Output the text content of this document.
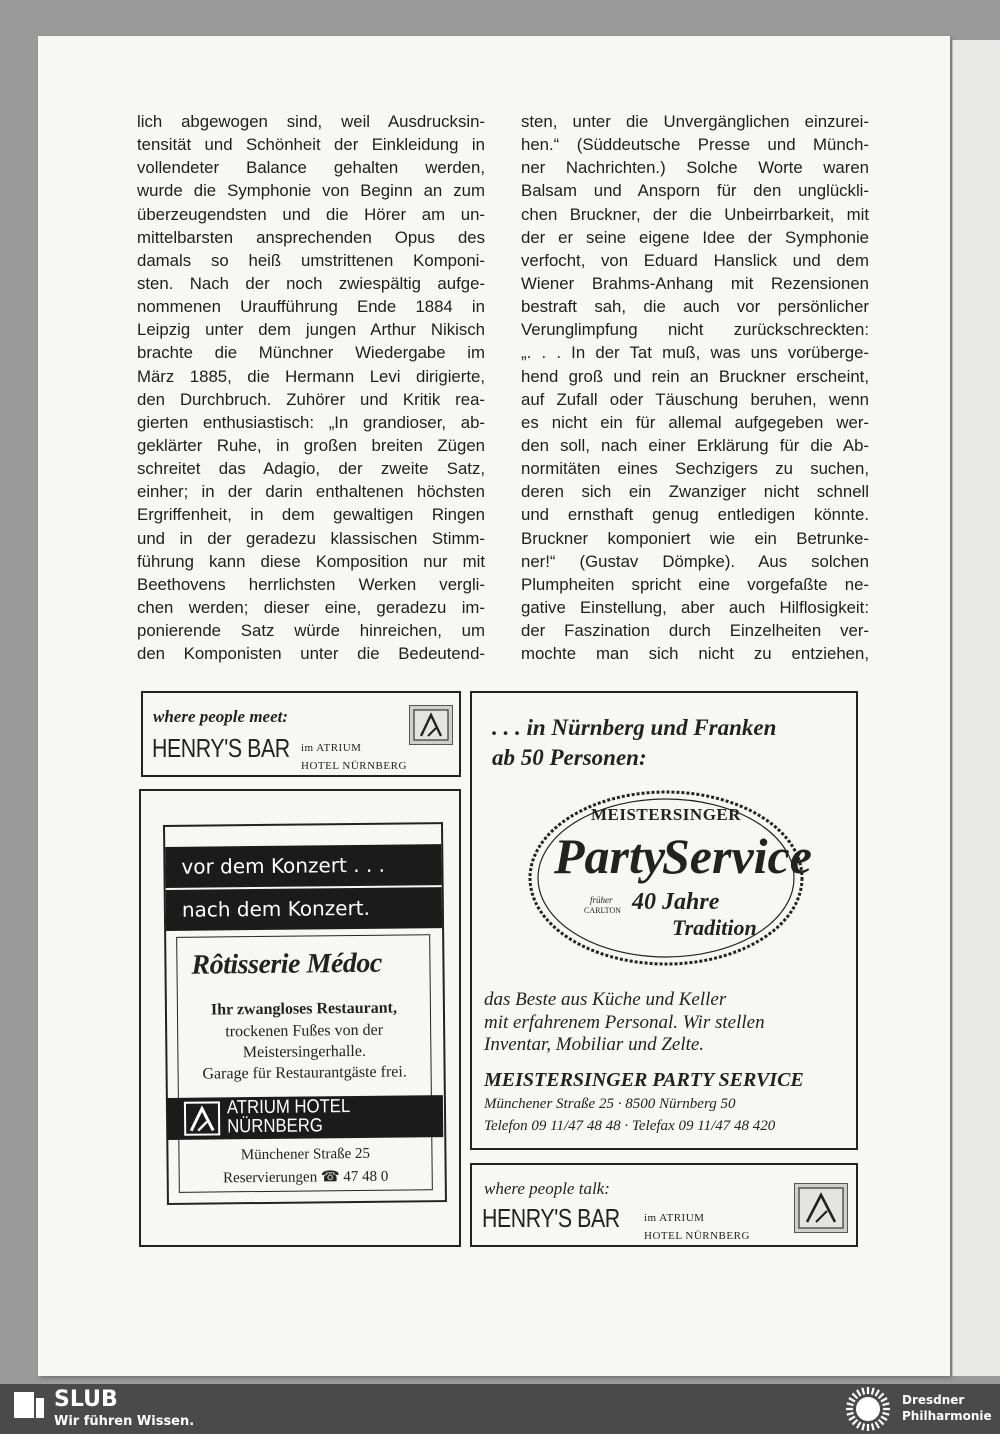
lich abgewogen sind, weil Ausdrucksin-
tensität und Schönheit der Einkleidung in
vollendeter Balance gehalten werden,
wurde die Symphonie von Beginn an zum
überzeugendsten und die Hörer am un-
mittelbarsten ansprechenden Opus des
damals so heiß umstrittenen Komponi-
sten. Nach der noch zwiespältig aufge-
nommenen Uraufführung Ende 1884 in
Leipzig unter dem jungen Arthur Nikisch
brachte die Münchner Wiedergabe im
März 1885, die Hermann Levi dirigierte,
den Durchbruch. Zuhörer und Kritik rea-
gierten enthusiastisch: „In grandioser, ab-
geklärter Ruhe, in großen breiten Zügen
schreitet das Adagio, der zweite Satz,
einher; in der darin enthaltenen höchsten
Ergriffenheit, in dem gewaltigen Ringen
und in der geradezu klassischen Stimm-
führung kann diese Komposition nur mit
Beethovens herrlichsten Werken vergli-
chen werden; dieser eine, geradezu im-
ponierende Satz würde hinreichen, um
den Komponisten unter die Bedeutend-
sten, unter die Unvergänglichen einzurei-
hen.“ (Süddeutsche Presse und Münch-
ner Nachrichten.) Solche Worte waren
Balsam und Ansporn für den unglückli-
chen Bruckner, der die Unbeirrbarkeit, mit
der er seine eigene Idee der Symphonie
verfocht, von Eduard Hanslick und dem
Wiener Brahms-Anhang mit Rezensionen
bestraft sah, die auch vor persönlicher
Verunglimpfung nicht zurückschreckten:
„. . . In der Tat muß, was uns vorüberge-
hend groß und rein an Bruckner erscheint,
auf Zufall oder Täuschung beruhen, wenn
es nicht ein für allemal aufgegeben wer-
den soll, nach einer Erklärung für die Ab-
normitäten eines Sechzigers zu suchen,
deren sich ein Zwanziger nicht schnell
und ernsthaft genug entledigen könnte.
Bruckner komponiert wie ein Betrunke-
ner!“ (Gustav Dömpke). Aus solchen
Plumpheiten spricht eine vorgefaßte ne-
gative Einstellung, aber auch Hilflosigkeit:
der Faszination durch Einzelheiten ver-
mochte man sich nicht zu entziehen,
where people meet:
HENRY'S BAR	im ATRIUM
HOTEL NÜRNBERG
vor dem Konzert . . .
nach dem Konzert.
Rôtisserie Médoc
Ihr zwangloses Restaurant,
trockenen Fußes von der
Meistersingerhalle.
Garage für Restaurantgäste frei.
ATRIUM HOTEL
NÜRNBERG
Münchener Straße 25
Reservierungen ☎ 47 48 0
. . . in Nürnberg und Franken
ab 50 Personen:
MEISTERSINGER
Party
Service
früher
CARLTON 40 Jahre
Tradition
das Beste aus Küche und Keller
mit erfahrenem Personal. Wir stellen
Inventar, Mobiliar und Zelte.
MEISTERSINGER PARTY SERVICE
Münchener Straße 25 · 8500 Nürnberg 50
Telefon 09 11/47 48 48 · Telefax 09 11/47 48 420
where people talk:
HENRY'S BAR	im ATRIUM
HOTEL NÜRNBERG
SLUB
Wir führen Wissen.
Dresdner
Philharmonie
